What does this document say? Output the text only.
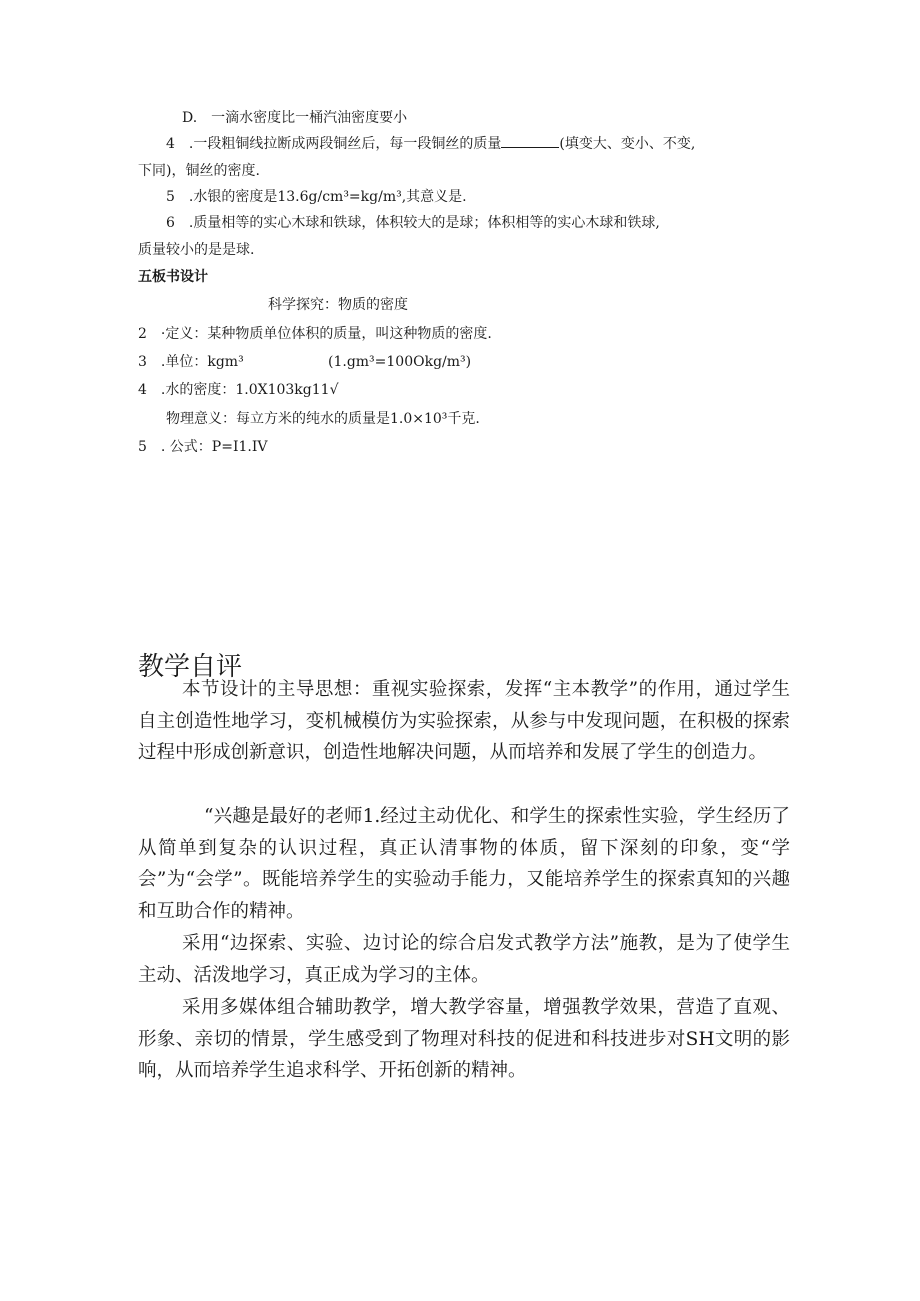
D.　一滴水密度比一桶汽油密度要小
4　.一段粗铜线拉断成两段铜丝后，每一段铜丝的质量	(填变大、变小、不变,
下同)，铜丝的密度.
5　.水银的密度是13.6g/cm³=kg/m³,其意义是.
6　.质量相等的实心木球和铁球，体积较大的是球；体积相等的实心木球和铁球,
质量较小的是是球.
五板书设计
科学探究：物质的密度
2　·定义：某种物质单位体积的质量，叫这种物质的密度.
3　.单位：kgm³	(1.gm³=100Okg∕m³)
4　.水的密度：1.0X103kg11√
物理意义：每立方米的纯水的质量是1.0×10³千克.
5　. 公式：P=I1.IV
教学自评

本节设计的主导思想：重视实验探索，发挥“主本教学”的作用，通过学生自主创造性地学习，变机械模仿为实验探索，从参与中发现问题，在积极的探索过程中形成创新意识，创造性地解决问题，从而培养和发展了学生的创造力。

“兴趣是最好的老师1.经过主动优化、和学生的探索性实验，学生经历了从简单到复杂的认识过程，真正认清事物的体质，留下深刻的印象，变“学会”为“会学”。既能培养学生的实验动手能力，又能培养学生的探索真知的兴趣和互助合作的精神。

采用“边探索、实验、边讨论的综合启发式教学方法”施教，是为了使学生主动、活泼地学习，真正成为学习的主体。

采用多媒体组合辅助教学，增大教学容量，增强教学效果，营造了直观、形象、亲切的情景，学生感受到了物理对科技的促进和科技进步对SH文明的影响，从而培养学生追求科学、开拓创新的精神。
